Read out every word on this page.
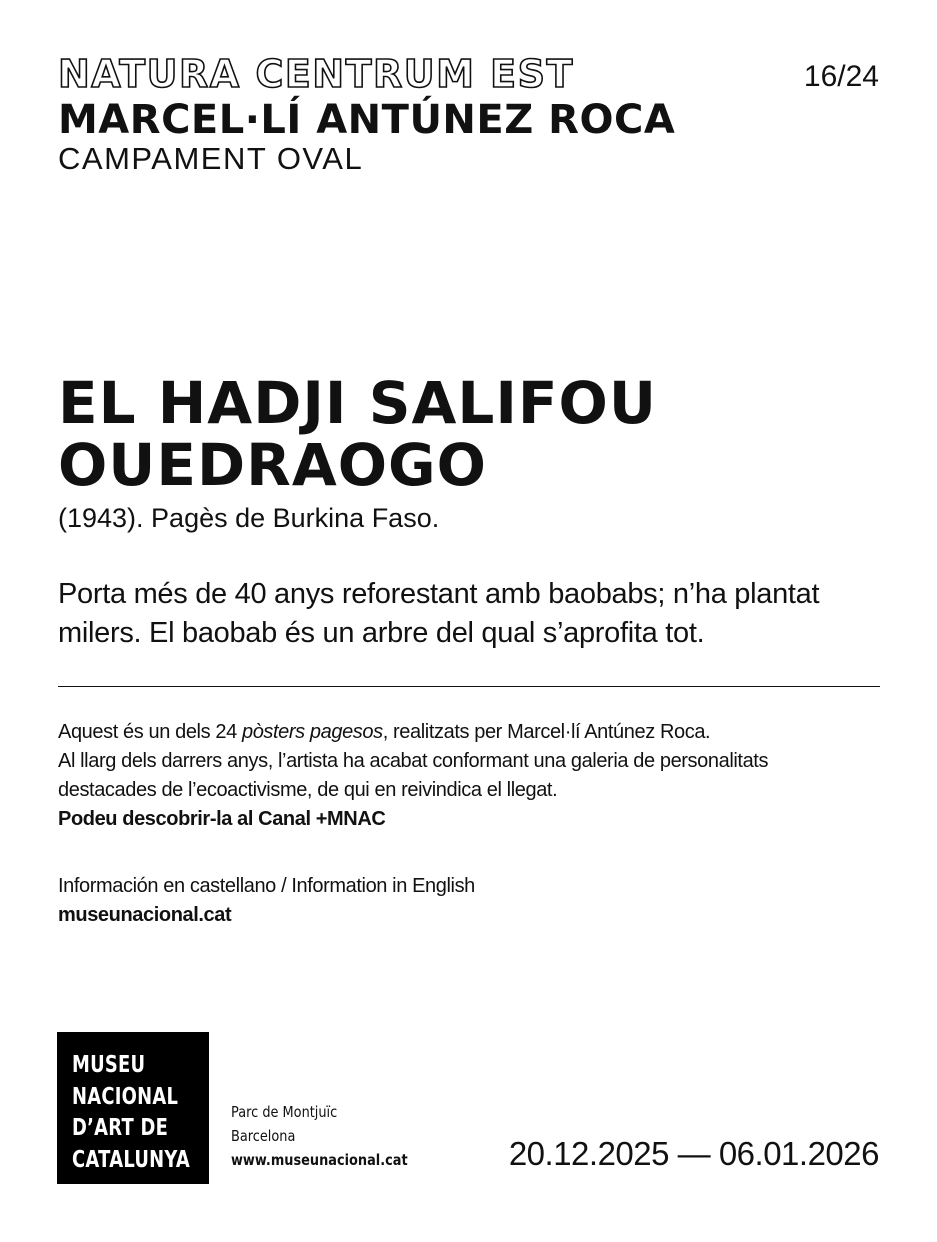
NATURA CENTRUM EST	16/24
MARCEL·LÍ ANTÚNEZ ROCA
CAMPAMENT OVAL
EL HADJI SALIFOU
OUEDRAOGO
(1943). Pagès de Burkina Faso.
Porta més de 40 anys reforestant amb baobabs; n’ha plantat
milers. El baobab és un arbre del qual s’aprofita tot.
Aquest és un dels 24 pòsters pagesos, realitzats per Marcel·lí Antúnez Roca.
Al llarg dels darrers anys, l’artista ha acabat conformant una galeria de personalitats
destacades de l’ecoactivisme, de qui en reivindica el llegat.
Podeu descobrir-la al Canal +MNAC
Información en castellano / Information in English
museunacional.cat
MUSEU
NACIONAL
D’ART DE
CATALUNYA
Parc de Montjuïc
Barcelona
www.museunacional.cat	20.12.2025 — 06.01.2026
